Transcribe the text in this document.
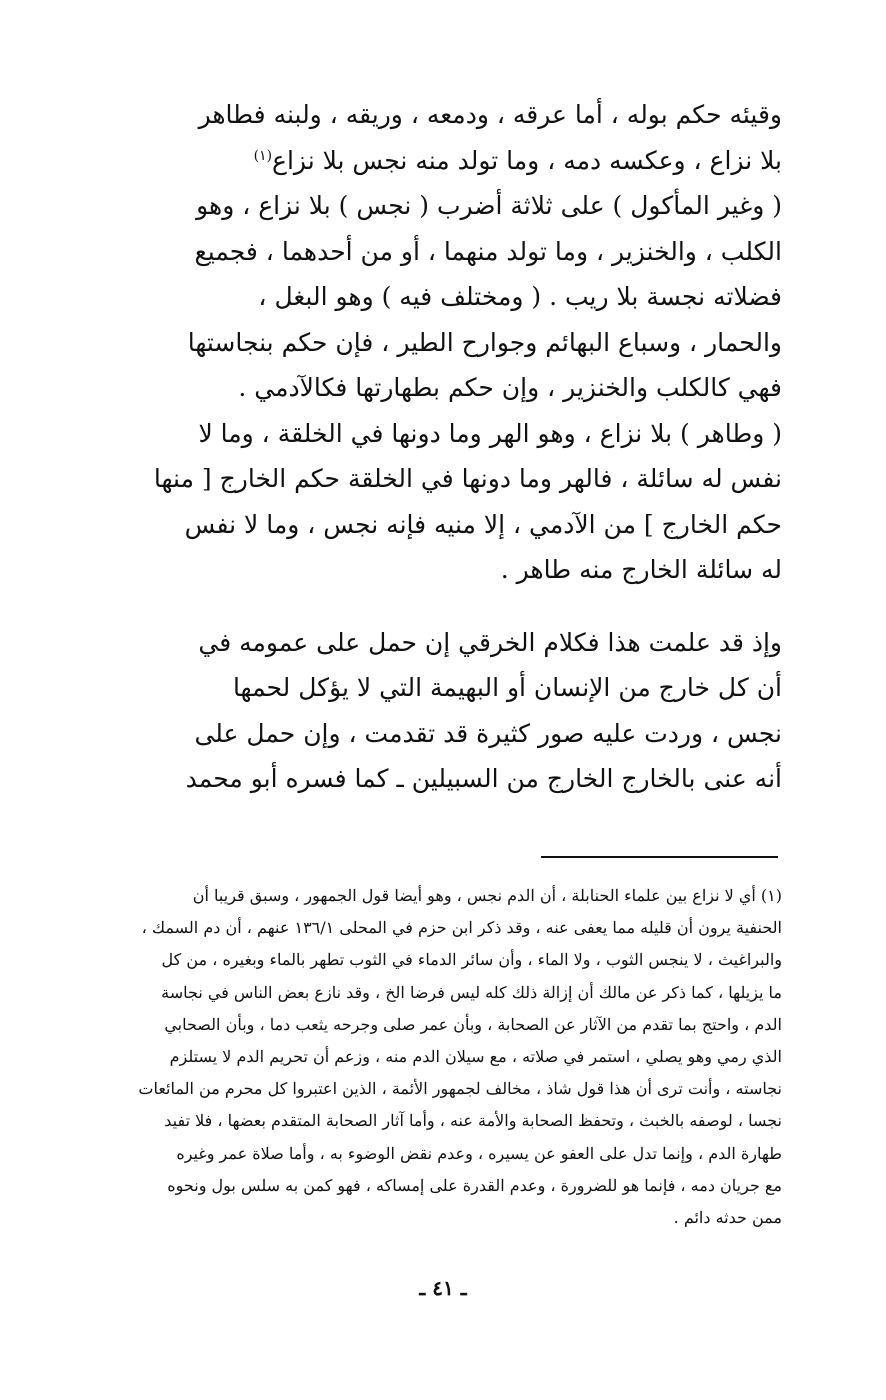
وقيئه حكم بوله ، أما عرقه ، ودمعه ، وريقه ، ولبنه فطاهر
بلا نزاع ، وعكسه دمه ، وما تولد منه نجس بلا نزاع$^{(١)}$
( وغير المأكول ) على ثلاثة أضرب ( نجس ) بلا نزاع ، وهو
الكلب ، والخنزير ، وما تولد منهما ، أو من أحدهما ، فجميع
فضلاته نجسة بلا ريب . ( ومختلف فيه ) وهو البغل ،
والحمار ، وسباع البهائم وجوارح الطير ، فإن حكم بنجاستها
فهي كالكلب والخنزير ، وإن حكم بطهارتها فكالآدمي .
( وطاهر ) بلا نزاع ، وهو الهر وما دونها في الخلقة ، وما لا
نفس له سائلة ، فالهر وما دونها في الخلقة حكم الخارج [ منها
حكم الخارج ] من الآدمي ، إلا منيه فإنه نجس ، وما لا نفس
له سائلة الخارج منه طاهر .
وإذ قد علمت هذا فكلام الخرقي إن حمل على عمومه في
أن كل خارج من الإنسان أو البهيمة التي لا يؤكل لحمها
نجس ، وردت عليه صور كثيرة قد تقدمت ، وإن حمل على
أنه عنى بالخارج الخارج من السبيلين ـ كما فسره أبو محمد
(١) أي لا نزاع بين علماء الحنابلة ، أن الدم نجس ، وهو أيضا قول الجمهور ، وسبق قريبا أن
الحنفية يرون أن قليله مما يعفى عنه ، وقد ذكر ابن حزم في المحلى ١٣٦/١ عنهم ، أن دم السمك ،
والبراغيث ، لا ينجس الثوب ، ولا الماء ، وأن سائر الدماء في الثوب تطهر بالماء وبغيره ، من كل
ما يزيلها ، كما ذكر عن مالك أن إزالة ذلك كله ليس فرضا الخ ، وقد نازع بعض الناس في نجاسة
الدم ، واحتج بما تقدم من الآثار عن الصحابة ، وبأن عمر صلى وجرحه يثعب دما ، وبأن الصحابي
الذي رمي وهو يصلي ، استمر في صلاته ، مع سيلان الدم منه ، وزعم أن تحريم الدم لا يستلزم
نجاسته ، وأنت ترى أن هذا قول شاذ ، مخالف لجمهور الأئمة ، الذين اعتبروا كل محرم من المائعات
نجسا ، لوصفه بالخبث ، وتحفظ الصحابة والأمة عنه ، وأما آثار الصحابة المتقدم بعضها ، فلا تفيد
طهارة الدم ، وإنما تدل على العفو عن يسيره ، وعدم نقض الوضوء به ، وأما صلاة عمر وغيره
مع جريان دمه ، فإنما هو للضرورة ، وعدم القدرة على إمساكه ، فهو كمن به سلس بول ونحوه
ممن حدثه دائم .
ـ ٤١ ـ
